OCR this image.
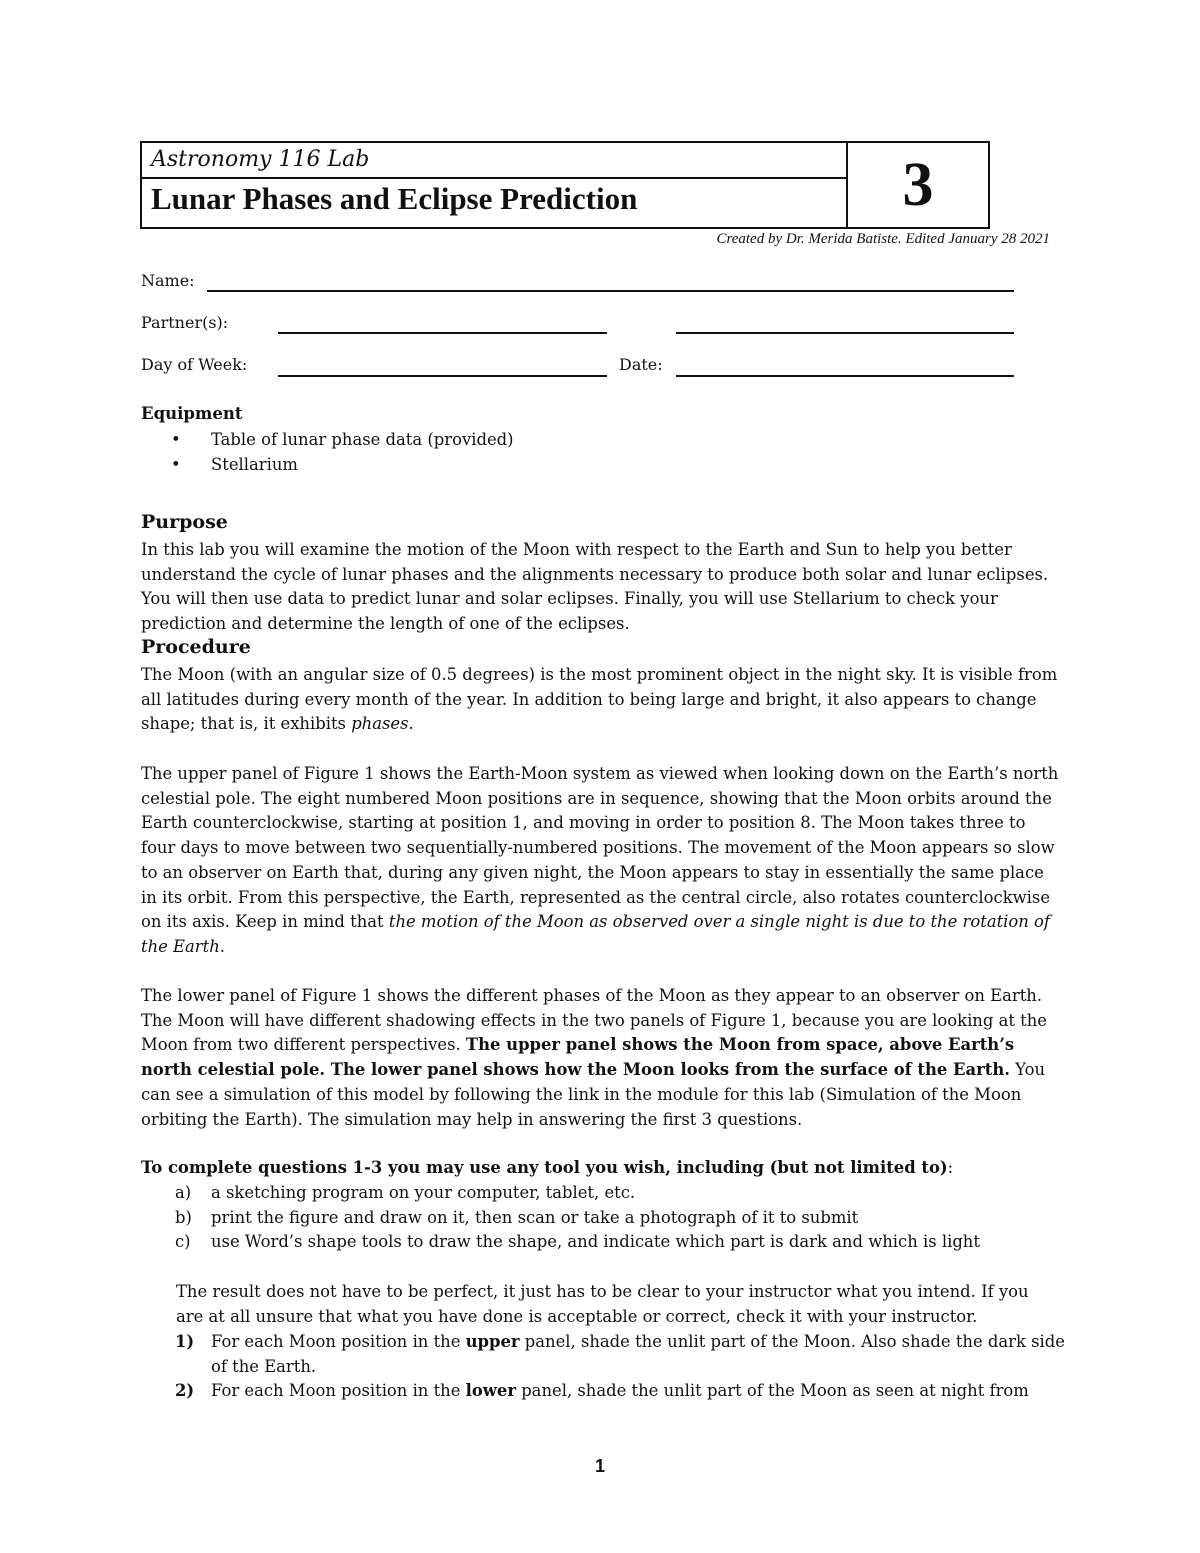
Astronomy 116 Lab
Lunar Phases and Eclipse Prediction	3
Created by Dr. Merida Batiste. Edited January 28 2021
Name:
Partner(s):
Day of Week:	Date:
Equipment
• Table of lunar phase data (provided)
• Stellarium
Purpose

In this lab you will examine the motion of the Moon with respect to the Earth and Sun to help you better understand the cycle of lunar phases and the alignments necessary to produce both solar and lunar eclipses. You will then use data to predict lunar and solar eclipses. Finally, you will use Stellarium to check your prediction and determine the length of one of the eclipses.

Procedure

The Moon (with an angular size of 0.5 degrees) is the most prominent object in the night sky. It is visible from all latitudes during every month of the year. In addition to being large and bright, it also appears to change shape; that is, it exhibits phases.

The upper panel of Figure 1 shows the Earth-Moon system as viewed when looking down on the Earth’s north celestial pole. The eight numbered Moon positions are in sequence, showing that the Moon orbits around the Earth counterclockwise, starting at position 1, and moving in order to position 8. The Moon takes three to four days to move between two sequentially-numbered positions. The movement of the Moon appears so slow to an observer on Earth that, during any given night, the Moon appears to stay in essentially the same place in its orbit. From this perspective, the Earth, represented as the central circle, also rotates counterclockwise on its axis. Keep in mind that the motion of the Moon as observed over a single night is due to the rotation of the Earth.

The lower panel of Figure 1 shows the different phases of the Moon as they appear to an observer on Earth. The Moon will have different shadowing effects in the two panels of Figure 1, because you are looking at the Moon from two different perspectives. The upper panel shows the Moon from space, above Earth’s north celestial pole. The lower panel shows how the Moon looks from the surface of the Earth. You can see a simulation of this model by following the link in the module for this lab (Simulation of the Moon orbiting the Earth). The simulation may help in answering the first 3 questions.

To complete questions 1-3 you may use any tool you wish, including (but not limited to):

a) a sketching program on your computer, tablet, etc.
b) print the figure and draw on it, then scan or take a photograph of it to submit
c) use Word’s shape tools to draw the shape, and indicate which part is dark and which is light

The result does not have to be perfect, it just has to be clear to your instructor what you intend. If you are at all unsure that what you have done is acceptable or correct, check it with your instructor.

1) For each Moon position in the upper panel, shade the unlit part of the Moon. Also shade the dark side of the Earth.
2) For each Moon position in the lower panel, shade the unlit part of the Moon as seen at night from
1
